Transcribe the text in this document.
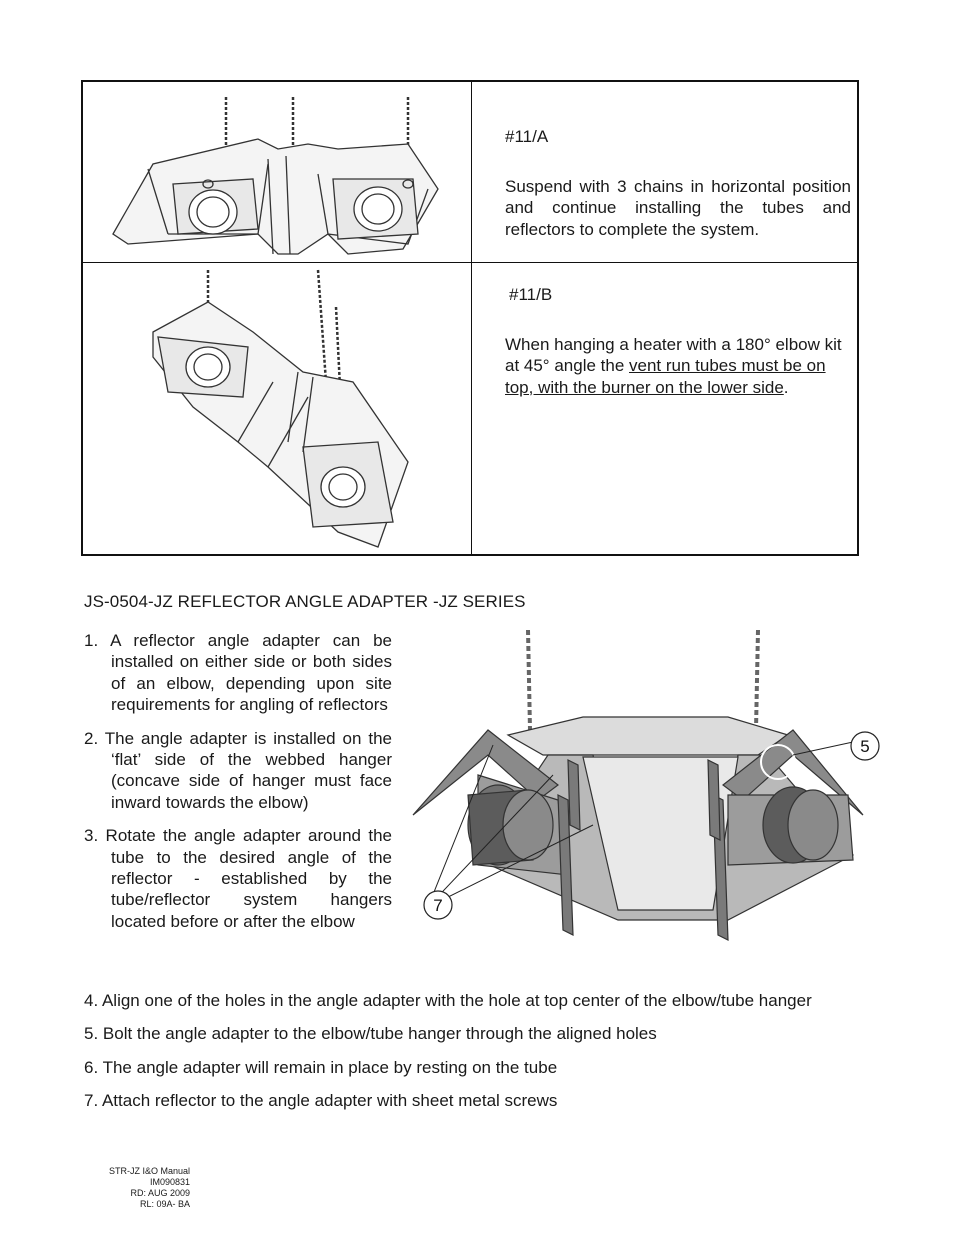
#11/A
Suspend with 3 chains in horizontal position and continue installing the tubes and reflectors to complete the system.
#11/B
When hanging a heater with a 180° elbow kit at 45° angle the vent run tubes must be on top, with the burner on the lower side.
JS-0504-JZ REFLECTOR ANGLE ADAPTER -JZ SERIES
1. A reflector angle adapter can be installed on either side or both sides of an elbow, depending upon site requirements for angling of reflectors
2. The angle adapter is installed on the ‘flat’ side of the webbed hanger (concave side of hanger must face inward towards the elbow)
3. Rotate the angle adapter around the tube to the desired angle of the reflector - established by the tube/reflector system hangers located before or after the elbow
5
7
4. Align one of the holes in the angle adapter with the hole at top center of the elbow/tube hanger
5. Bolt the angle adapter to the elbow/tube hanger through the aligned holes
6. The angle adapter will remain in place by resting on the tube
7. Attach reflector to the angle adapter with sheet metal screws
STR-JZ I&O Manual
IM090831
RD: AUG 2009
RL: 09A- BA
